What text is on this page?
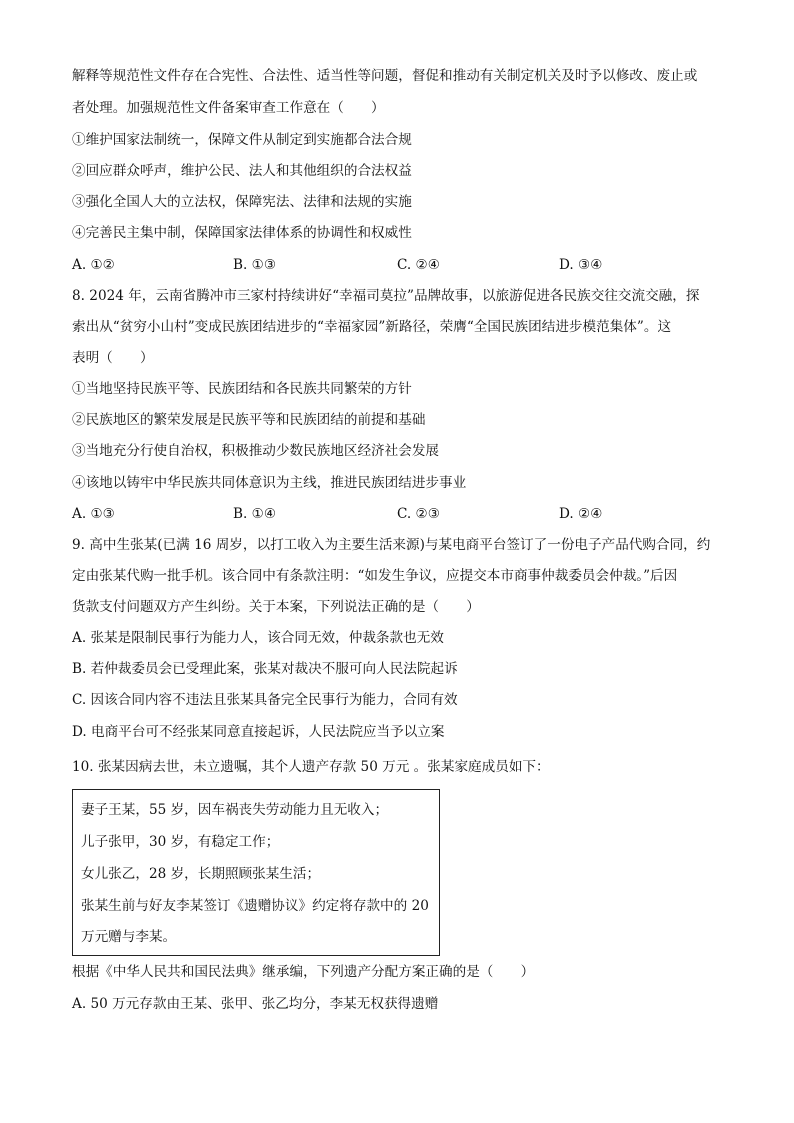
解释等规范性文件存在合宪性、合法性、适当性等问题，督促和推动有关制定机关及时予以修改、废止或
者处理。加强规范性文件备案审查工作意在（　　）
①维护国家法制统一，保障文件从制定到实施都合法合规
②回应群众呼声，维护公民、法人和其他组织的合法权益
③强化全国人大的立法权，保障宪法、法律和法规的实施
④完善民主集中制，保障国家法律体系的协调性和权威性
A. ①②	B. ①③	C. ②④	D. ③④
8. 2024 年，云南省腾冲市三家村持续讲好“幸福司莫拉”品牌故事，以旅游促进各民族交往交流交融，探
索出从“贫穷小山村”变成民族团结进步的“幸福家园”新路径，荣膺“全国民族团结进步模范集体”。这
表明（　　）
①当地坚持民族平等、民族团结和各民族共同繁荣的方针
②民族地区的繁荣发展是民族平等和民族团结的前提和基础
③当地充分行使自治权，积极推动少数民族地区经济社会发展
④该地以铸牢中华民族共同体意识为主线，推进民族团结进步事业
A. ①③	B. ①④	C. ②③	D. ②④
9. 高中生张某(已满 16 周岁，以打工收入为主要生活来源)与某电商平台签订了一份电子产品代购合同，约
定由张某代购一批手机。该合同中有条款注明：“如发生争议，应提交本市商事仲裁委员会仲裁。”后因
货款支付问题双方产生纠纷。关于本案，下列说法正确的是（　　）
A. 张某是限制民事行为能力人，该合同无效，仲裁条款也无效
B. 若仲裁委员会已受理此案，张某对裁决不服可向人民法院起诉
C. 因该合同内容不违法且张某具备完全民事行为能力，合同有效
D. 电商平台可不经张某同意直接起诉，人民法院应当予以立案
10. 张某因病去世，未立遗嘱，其个人遗产存款 50 万元 。张某家庭成员如下：
妻子王某，55 岁，因车祸丧失劳动能力且无收入；
儿子张甲，30 岁，有稳定工作；
女儿张乙，28 岁，长期照顾张某生活；
张某生前与好友李某签订《遗赠协议》约定将存款中的 20
万元赠与李某。
根据《中华人民共和国民法典》继承编，下列遗产分配方案正确的是（　　）
A. 50 万元存款由王某、张甲、张乙均分，李某无权获得遗赠
